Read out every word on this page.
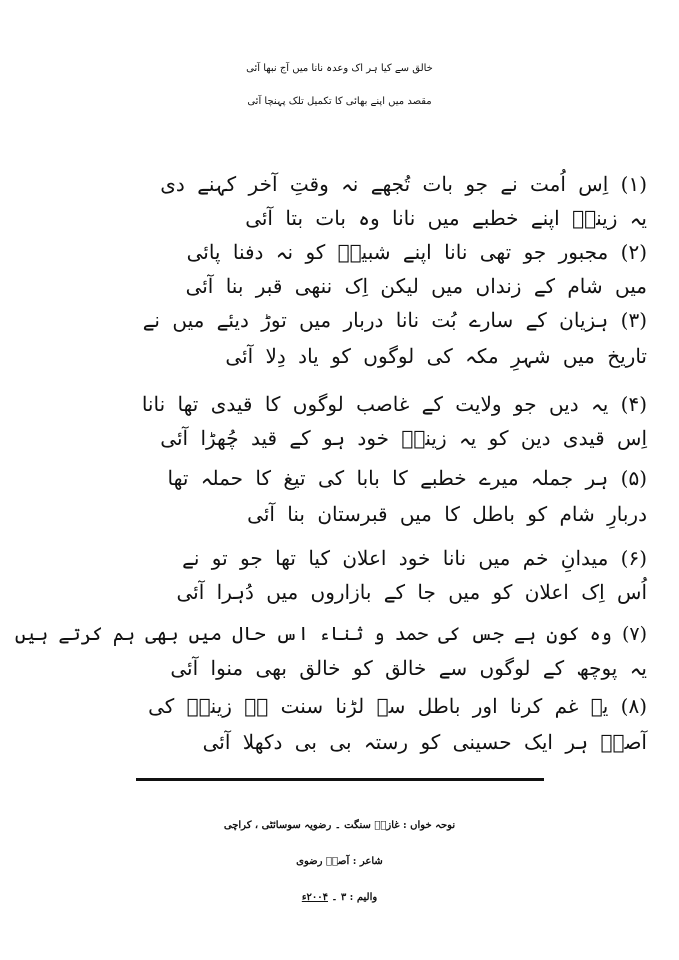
خالق سے کیا ہر اک وعدہ نانا میں آج نبھا آئی
مقصد میں اپنے بھائی کا تکمیل تلک پہنچا آئی
(۱) اِس اُمت نے جو بات تُجھے نہ وقتِ آخر کہنے دی
یہ زینبؑ اپنے خطبے میں نانا وہ بات بتا آئی
(۲) مجبور جو تھی نانا اپنے شبیرؑ کو نہ دفنا پائی
میں شام کے زنداں میں لیکن اِک ننھی قبر بنا آئی
(۳) ہزیان کے سارے بُت نانا دربار میں توڑ دیئے میں نے
تاریخ میں شہرِ مکہ کی لوگوں کو یاد دِلا آئی
(۴) یہ دیں جو ولایت کے غاصب لوگوں کا قیدی تھا نانا
اِس قیدی دین کو یہ زینبؑ خود ہو کے قید چُھڑا آئی
(۵) ہر جملہ میرے خطبے کا بابا کی تیغ کا حملہ تھا
دربارِ شام کو باطل کا میں قبرستان بنا آئی
(۶) میدانِ خم میں نانا خود اعلان کیا تھا جو تو نے
اُس اِک اعلان کو میں جا کے بازاروں میں دُہرا آئی
(۷) وہ کون ہے جس کی حمد و ثناء اس حال میں بھی ہم کرتے ہیں
یہ پوچھ کے لوگوں سے خالق کو خالق بھی منوا آئی
(۸) یہ غم کرنا اور باطل سے لڑنا سنت ہے زینبؑ کی
آصفؔ ہر ایک حسینی کو رستہ بی بی دکھلا آئی
نوحہ خواں : غازیؑ سنگت ۔ رضویہ سوسائٹی ، کراچی
شاعر : آصفؔ رضوی
والیم : ۳ ۔ ۲۰۰۴ء
